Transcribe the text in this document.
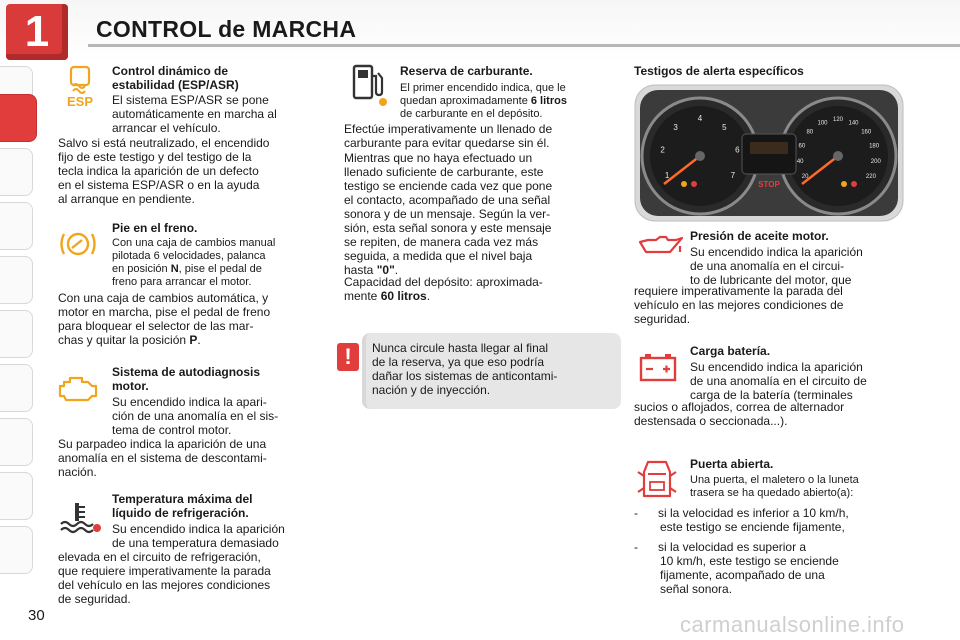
1	CONTROL de MARCHA
ESP
Control dinámico de
estabilidad (ESP/ASR)
El sistema ESP/ASR se pone
automáticamente en marcha al
arrancar el vehículo.
Salvo si está neutralizado, el encendido
fijo de este testigo y del testigo de la
tecla indica la aparición de un defecto
en el sistema ESP/ASR o en la ayuda
al arranque en pendiente.
Pie en el freno.
Con una caja de cambios manual
pilotada 6 velocidades, palanca
en posición N, pise el pedal de
freno para arrancar el motor.
Con una caja de cambios automática, y
motor en marcha, pise el pedal de freno
para bloquear el selector de las mar-
chas y quitar la posición P.
Sistema de autodiagnosis
motor.
Su encendido indica la apari-
ción de una anomalía en el sis-
tema de control motor.
Su parpadeo indica la aparición de una
anomalía en el sistema de descontami-
nación.
Temperatura máxima del
líquido de refrigeración.
Su encendido indica la aparición
de una temperatura demasiado
elevada en el circuito de refrigeración,
que requiere imperativamente la parada
del vehículo en las mejores condiciones
de seguridad.
Reserva de carburante.
El primer encendido indica, que le
quedan aproximadamente 6 litros
de carburante en el depósito.
Efectúe imperativamente un llenado de
carburante para evitar quedarse sin él.
Mientras que no haya efectuado un
llenado suficiente de carburante, este
testigo se enciende cada vez que pone
el contacto, acompañado de una señal
sonora y de un mensaje. Según la ver-
sión, esta señal sonora y este mensaje
se repiten, de manera cada vez más
seguida, a medida que el nivel baja
hasta "0".
Capacidad del depósito: aproximada-
mente 60 litros.
!	Nunca circule hasta llegar al final
de la reserva, ya que eso podría
dañar los sistemas de anticontami-
nación y de inyección.
Testigos de alerta específicos
1
2
3
4
5
6
7	20
40
60
80
100
120
140
160
180
200
220
STOP
Presión de aceite motor.
Su encendido indica la aparición
de una anomalía en el circui-
to de lubricante del motor, que
requiere imperativamente la parada del
vehículo en las mejores condiciones de
seguridad.
Carga batería.
Su encendido indica la aparición
de una anomalía en el circuito de
carga de la batería (terminales
sucios o aflojados, correa de alternador
destensada o seccionada...).
Puerta abierta.
Una puerta, el maletero o la luneta
trasera se ha quedado abierto(a):
-	si la velocidad es inferior a 10 km/h,
este testigo se enciende fijamente,
-	si la velocidad es superior a
10 km/h, este testigo se enciende
fijamente, acompañado de una
señal sonora.
30	carmanualsonline.info
